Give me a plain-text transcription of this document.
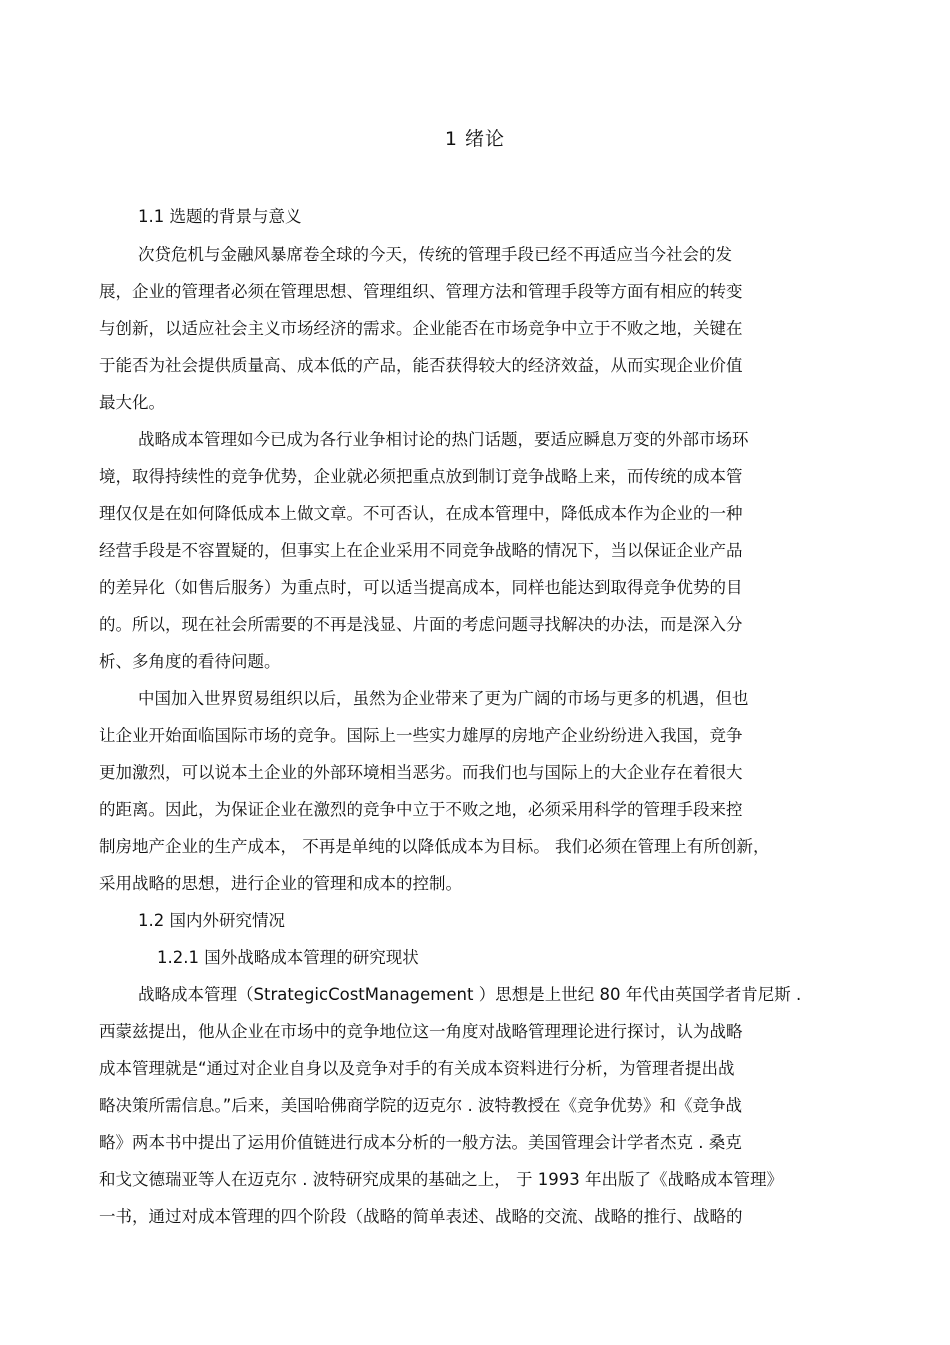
1 绪论
1.1 选题的背景与意义
次贷危机与金融风暴席卷全球的今天，传统的管理手段已经不再适应当今社会的发
展，企业的管理者必须在管理思想、管理组织、管理方法和管理手段等方面有相应的转变
与创新，以适应社会主义市场经济的需求。企业能否在市场竞争中立于不败之地，关键在
于能否为社会提供质量高、成本低的产品，能否获得较大的经济效益，从而实现企业价值
最大化。
战略成本管理如今已成为各行业争相讨论的热门话题，要适应瞬息万变的外部市场环
境，取得持续性的竞争优势，企业就必须把重点放到制订竞争战略上来，而传统的成本管
理仅仅是在如何降低成本上做文章。不可否认，在成本管理中，降低成本作为企业的一种
经营手段是不容置疑的，但事实上在企业采用不同竞争战略的情况下，当以保证企业产品
的差异化（如售后服务）为重点时，可以适当提高成本，同样也能达到取得竞争优势的目
的。所以，现在社会所需要的不再是浅显、片面的考虑问题寻找解决的办法，而是深入分
析、多角度的看待问题。
中国加入世界贸易组织以后，虽然为企业带来了更为广阔的市场与更多的机遇，但也
让企业开始面临国际市场的竞争。国际上一些实力雄厚的房地产企业纷纷进入我国，竞争
更加激烈，可以说本土企业的外部环境相当恶劣。而我们也与国际上的大企业存在着很大
的距离。因此，为保证企业在激烈的竞争中立于不败之地，必须采用科学的管理手段来控
制房地产企业的生产成本， 不再是单纯的以降低成本为目标。 我们必须在管理上有所创新，
采用战略的思想，进行企业的管理和成本的控制。
1.2 国内外研究情况
1.2.1 国外战略成本管理的研究现状
战略成本管理（StrategicCostManagement ）思想是上世纪 80 年代由英国学者肯尼斯 .
西蒙兹提出，他从企业在市场中的竞争地位这一角度对战略管理理论进行探讨，认为战略
成本管理就是“通过对企业自身以及竞争对手的有关成本资料进行分析，为管理者提出战
略决策所需信息。”后来，美国哈佛商学院的迈克尔 . 波特教授在《竞争优势》和《竞争战
略》两本书中提出了运用价值链进行成本分析的一般方法。美国管理会计学者杰克 . 桑克
和戈文德瑞亚等人在迈克尔 . 波特研究成果的基础之上， 于 1993 年出版了《战略成本管理》
一书，通过对成本管理的四个阶段（战略的简单表述、战略的交流、战略的推行、战略的
